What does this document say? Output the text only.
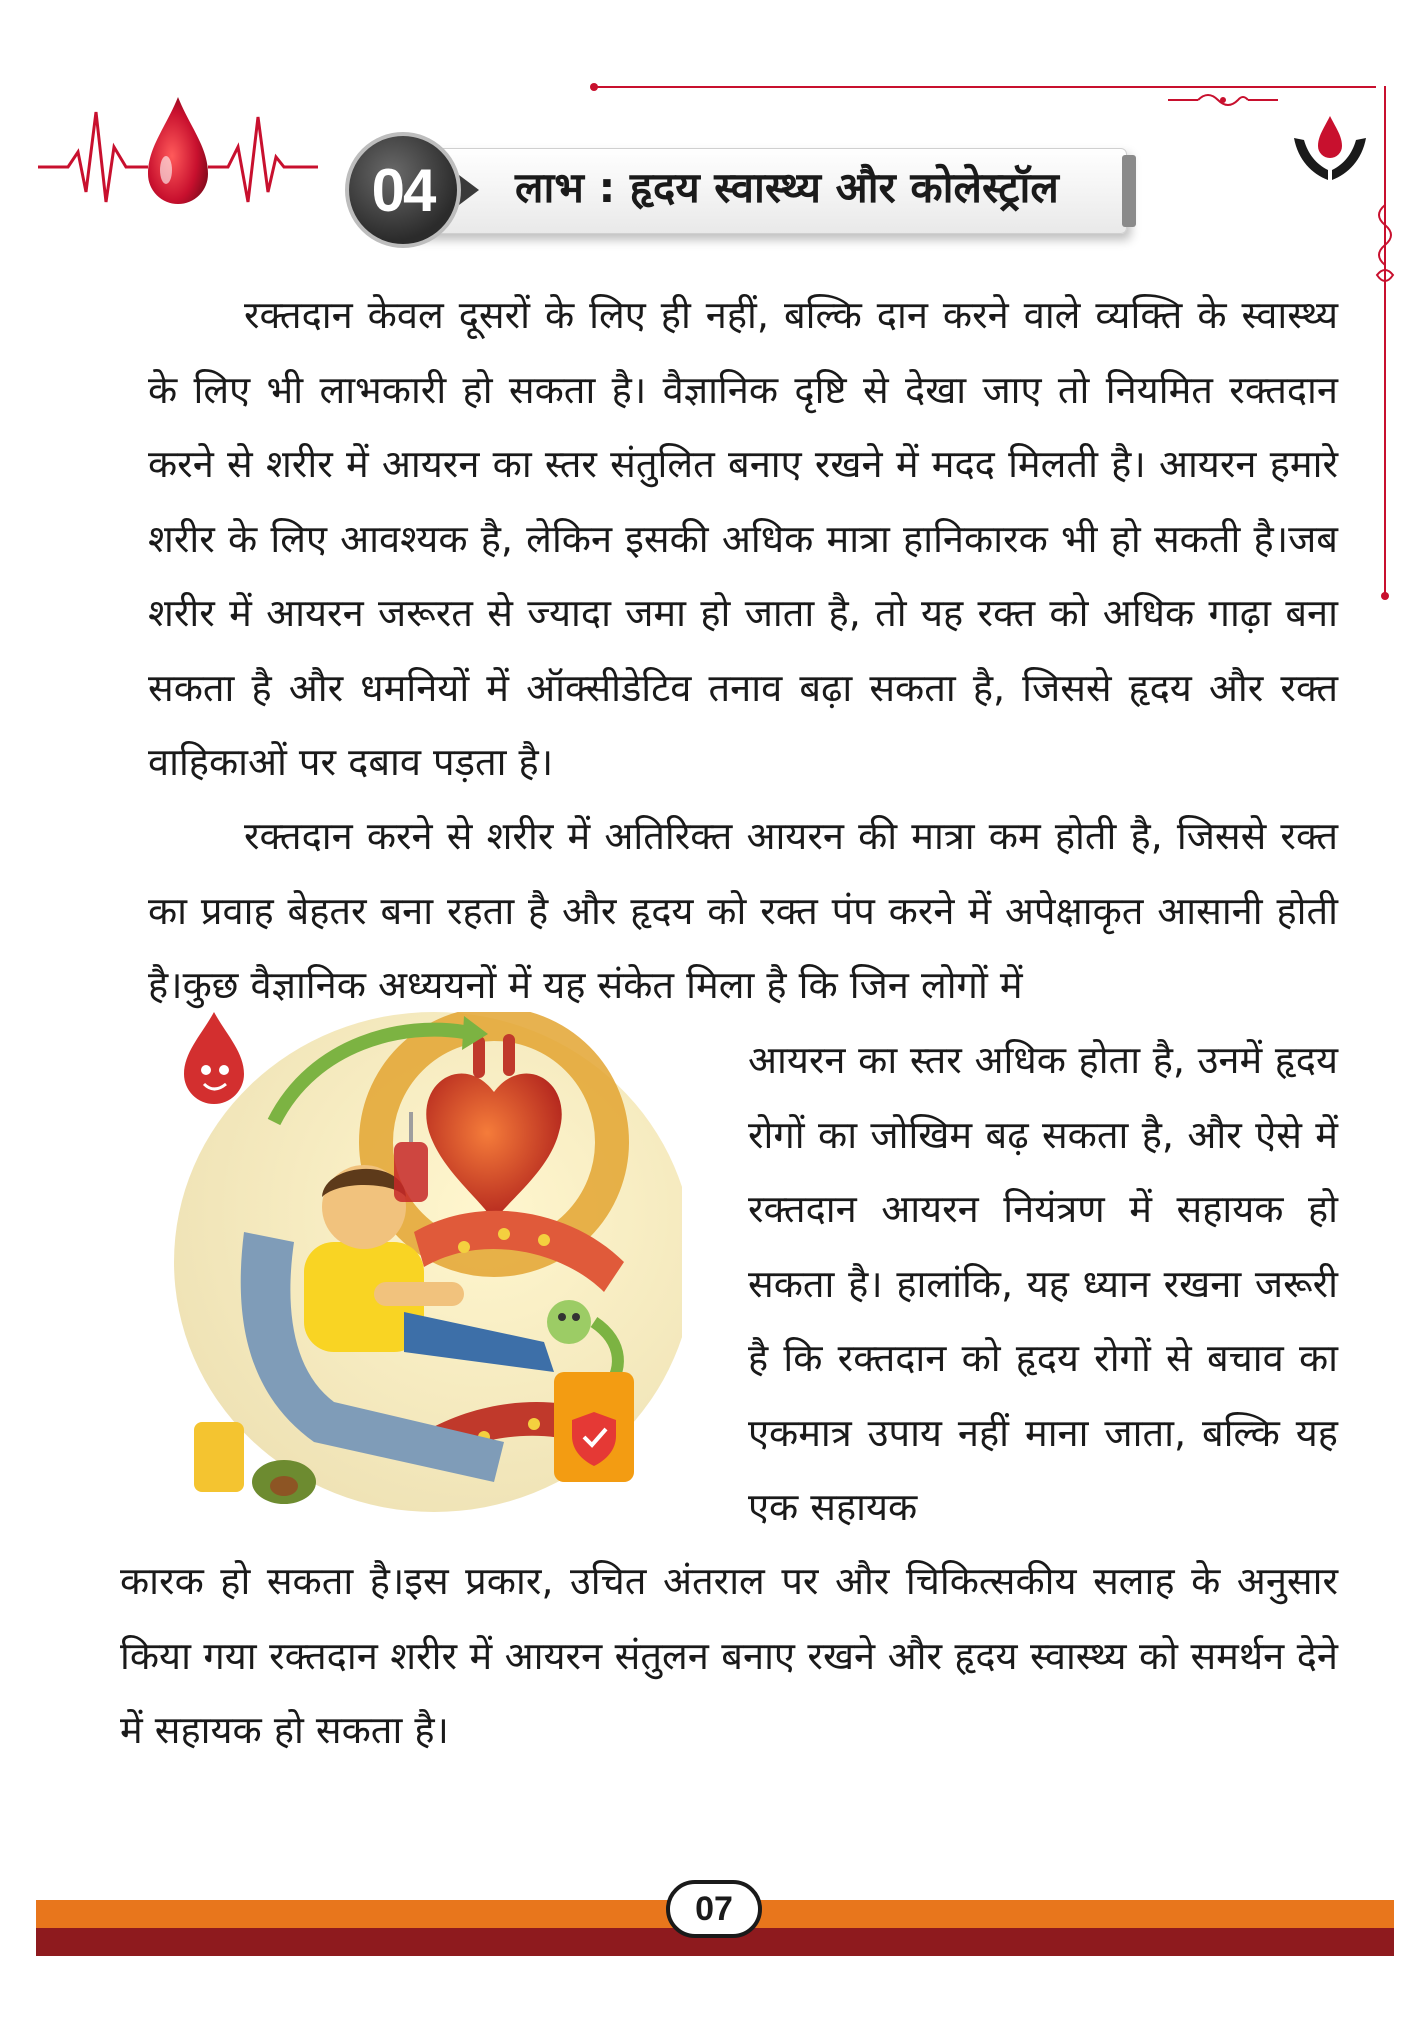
04	लाभ : हृदय स्वास्थ्य और कोलेस्ट्रॉल

रक्तदान केवल दूसरों के लिए ही नहीं, बल्कि दान करने वाले व्यक्ति के स्वास्थ्य के लिए भी लाभकारी हो सकता है। वैज्ञानिक दृष्टि से देखा जाए तो नियमित रक्तदान करने से शरीर में आयरन का स्तर संतुलित बनाए रखने में मदद मिलती है। आयरन हमारे शरीर के लिए आवश्यक है, लेकिन इसकी अधिक मात्रा हानिकारक भी हो सकती है।जब शरीर में आयरन जरूरत से ज्यादा जमा हो जाता है, तो यह रक्त को अधिक गाढ़ा बना सकता है और धमनियों में ऑक्सीडेटिव तनाव बढ़ा सकता है, जिससे हृदय और रक्त वाहिकाओं पर दबाव पड़ता है।

रक्तदान करने से शरीर में अतिरिक्त आयरन की मात्रा कम होती है, जिससे रक्त का प्रवाह बेहतर बना रहता है और हृदय को रक्त पंप करने में अपेक्षाकृत आसानी होती है।कुछ वैज्ञानिक अध्ययनों में यह संकेत मिला है कि जिन लोगों में

आयरन का स्तर अधिक होता है, उनमें हृदय रोगों का जोखिम बढ़ सकता है, और ऐसे में रक्तदान आयरन नियंत्रण में सहायक हो सकता है। हालांकि, यह ध्यान रखना जरूरी है कि रक्तदान को हृदय रोगों से बचाव का एकमात्र उपाय नहीं माना जाता, बल्कि यह एक सहायक

कारक हो सकता है।इस प्रकार, उचित अंतराल पर और चिकित्सकीय सलाह के अनुसार किया गया रक्तदान शरीर में आयरन संतुलन बनाए रखने और हृदय स्वास्थ्य को समर्थन देने में सहायक हो सकता है।

07
